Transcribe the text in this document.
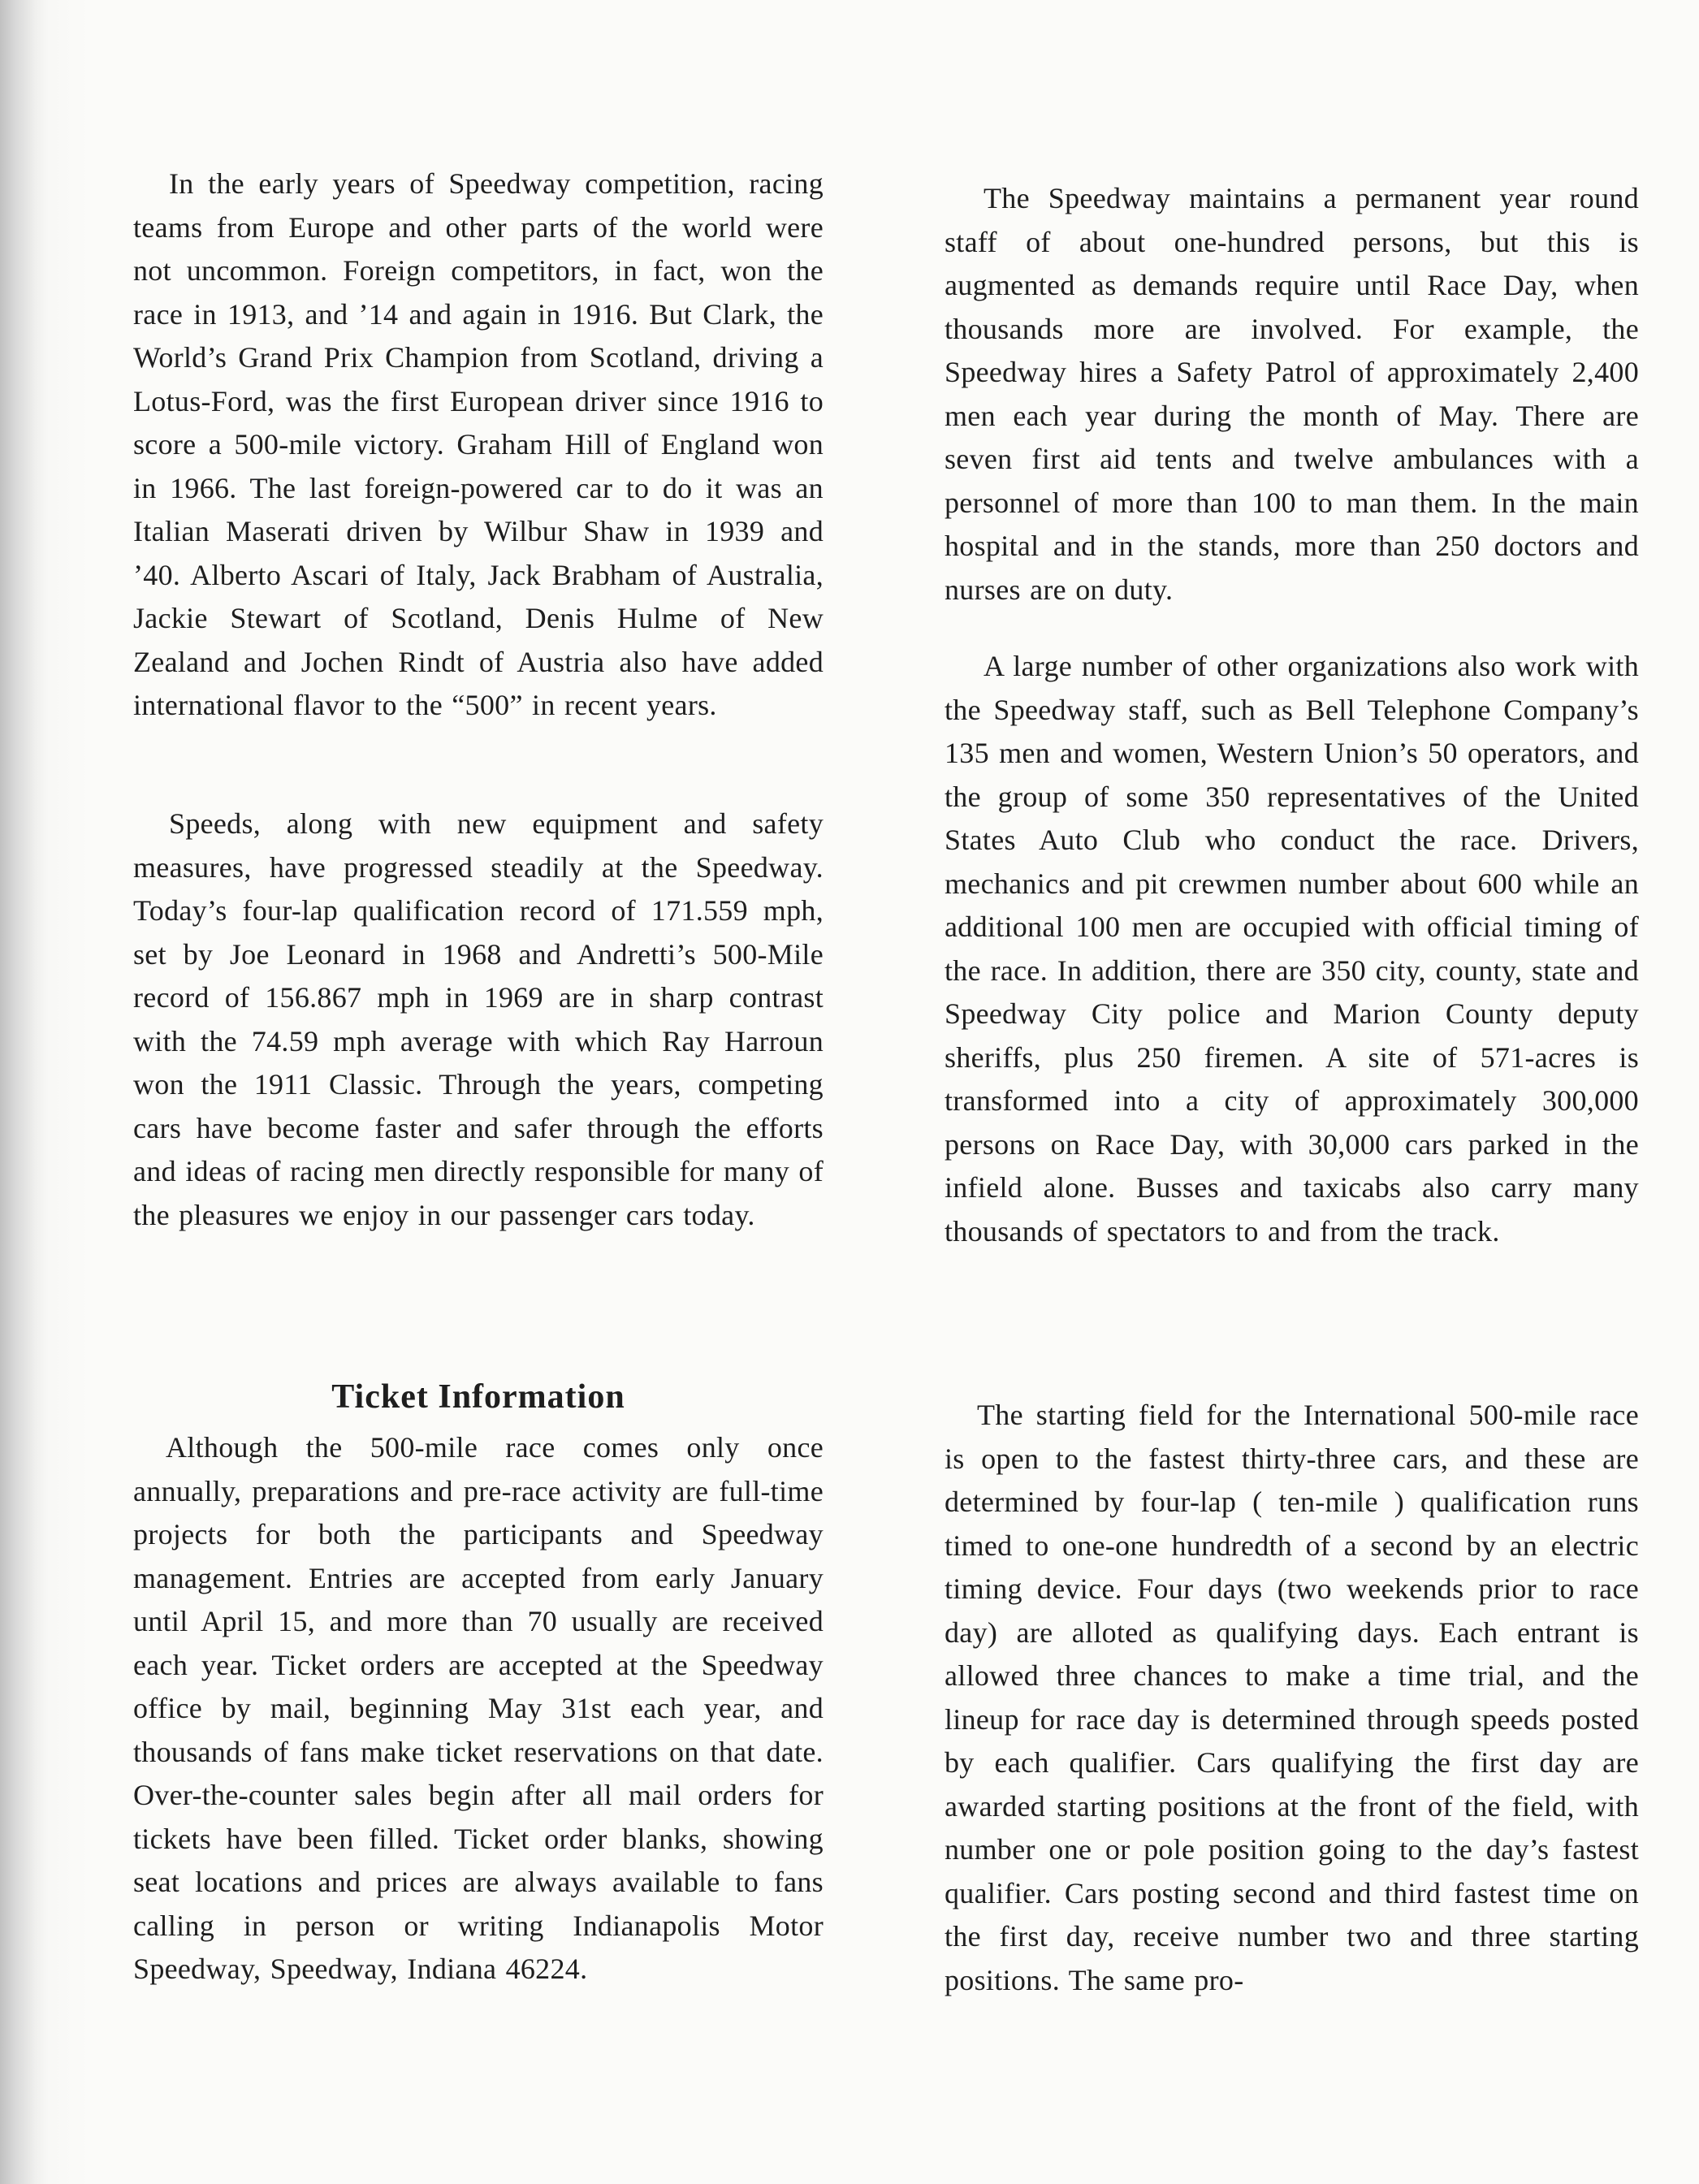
In the early years of Speedway competition, racing teams from Europe and other parts of the world were not uncommon. Foreign competitors, in fact, won the race in 1913, and ’14 and again in 1916. But Clark, the World’s Grand Prix Champion from Scotland, driving a Lotus-Ford, was the first European driver since 1916 to score a 500-mile victory. Graham Hill of England won in 1966. The last foreign-powered car to do it was an Italian Maserati driven by Wilbur Shaw in 1939 and ’40. Alberto Ascari of Italy, Jack Brabham of Australia, Jackie Stewart of Scotland, Denis Hulme of New Zealand and Jochen Rindt of Austria also have added international flavor to the “500” in recent years.

Speeds, along with new equipment and safety measures, have progressed steadily at the Speedway. Today’s four-lap qualification record of 171.559 mph, set by Joe Leonard in 1968 and Andretti’s 500-Mile record of 156.867 mph in 1969 are in sharp contrast with the 74.59 mph average with which Ray Harroun won the 1911 Classic. Through the years, competing cars have become faster and safer through the efforts and ideas of racing men directly responsible for many of the pleasures we enjoy in our passenger cars today.

Ticket Information

Although the 500-mile race comes only once annually, preparations and pre-race activity are full-time projects for both the participants and Speedway management. Entries are accepted from early January until April 15, and more than 70 usually are received each year. Ticket orders are accepted at the Speedway office by mail, beginning May 31st each year, and thousands of fans make ticket reservations on that date. Over-the-counter sales begin after all mail orders for tickets have been filled. Ticket order blanks, showing seat locations and prices are always available to fans calling in person or writing Indianapolis Motor Speedway, Speedway, Indiana 46224.

The Speedway maintains a permanent year round staff of about one-hundred persons, but this is augmented as demands require until Race Day, when thousands more are involved. For example, the Speedway hires a Safety Patrol of approximately 2,400 men each year during the month of May. There are seven first aid tents and twelve ambulances with a personnel of more than 100 to man them. In the main hospital and in the stands, more than 250 doctors and nurses are on duty.

A large number of other organizations also work with the Speedway staff, such as Bell Telephone Company’s 135 men and women, Western Union’s 50 operators, and the group of some 350 representatives of the United States Auto Club who conduct the race. Drivers, mechanics and pit crewmen number about 600 while an additional 100 men are occupied with official timing of the race. In addition, there are 350 city, county, state and Speedway City police and Marion County deputy sheriffs, plus 250 firemen. A site of 571-acres is transformed into a city of approximately 300,000 persons on Race Day, with 30,000 cars parked in the infield alone. Busses and taxicabs also carry many thousands of spectators to and from the track.

The starting field for the International 500-mile race is open to the fastest thirty-three cars, and these are determined by four-lap ( ten-mile ) qualification runs timed to one-one hundredth of a second by an electric timing device. Four days (two weekends prior to race day) are alloted as qualifying days. Each entrant is allowed three chances to make a time trial, and the lineup for race day is determined through speeds posted by each qualifier. Cars qualifying the first day are awarded starting positions at the front of the field, with number one or pole position going to the day’s fastest qualifier. Cars posting second and third fastest time on the first day, receive number two and three starting positions. The same pro-
